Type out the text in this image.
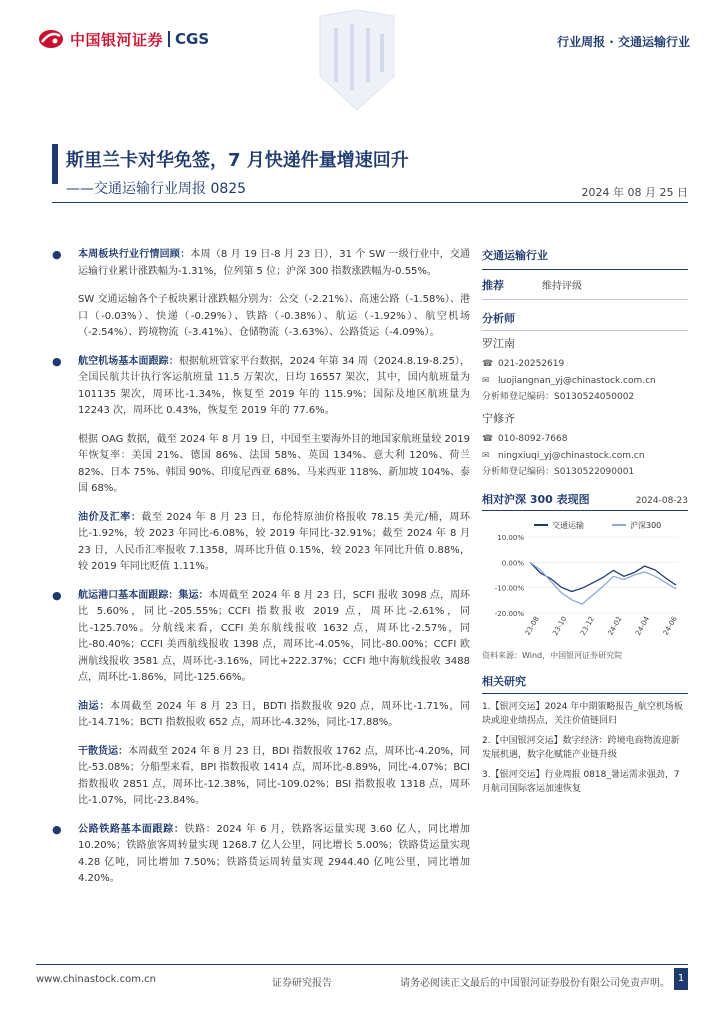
中国银河证券 CGS	行业周报 · 交通运输行业
斯里兰卡对华免签，7 月快递件量增速回升
——交通运输行业周报 0825	2024 年 08 月 25 日
● 本周板块行业行情回顾：本周（8 月 19 日-8 月 23 日），31 个 SW 一级行业中，交通运输行业累计涨跌幅为-1.31%，位列第 5 位；沪深 300 指数涨跌幅为-0.55%。
SW 交通运输各个子板块累计涨跌幅分别为：公交（-2.21%）、高速公路（-1.58%）、港口（-0.03%）、快递（-0.29%）、铁路（-0.38%）、航运（-1.92%）、航空机场（-2.54%）、跨境物流（-3.41%）、仓储物流（-3.63%）、公路货运（-4.09%）。
● 航空机场基本面跟踪：根据航班管家平台数据，2024 年第 34 周（2024.8.19-8.25），全国民航共计执行客运航班量 11.5 万架次，日均 16557 架次，其中，国内航班量为 101135 架次，周环比-1.34%，恢复至 2019 年的 115.9%；国际及地区航班量为 12243 次，周环比 0.43%，恢复至 2019 年的 77.6%。
根据 OAG 数据，截至 2024 年 8 月 19 日，中国至主要海外目的地国家航班量较 2019 年恢复率：美国 21%、德国 86%、法国 58%、英国 134%、意大利 120%、荷兰 82%、日本 75%、韩国 90%、印度尼西亚 68%、马来西亚 118%、新加坡 104%、泰国 68%。
油价及汇率：截至 2024 年 8 月 23 日，布伦特原油价格报收 78.15 美元/桶，周环比-1.92%，较 2023 年同比-6.08%，较 2019 年同比-32.91%；截至 2024 年 8 月 23 日，人民币汇率报收 7.1358，周环比升值 0.15%，较 2023 年同比升值 0.88%，较 2019 年同比贬值 1.11%。
● 航运港口基本面跟踪：集运：本周截至 2024 年 8 月 23 日，SCFI 报收 3098 点，周环比 5.60%，同比-205.55%；CCFI 指数报收 2019 点，周环比-2.61%，同比-125.70%。分航线来看，CCFI 美东航线报收 1632 点，周环比-2.57%，同比-80.40%；CCFI 美西航线报收 1398 点，周环比-4.05%，同比-80.00%；CCFI 欧洲航线报收 3581 点，周环比-3.16%，同比+222.37%；CCFI 地中海航线报收 3488 点，周环比-1.86%，同比-125.66%。
油运：本周截至 2024 年 8 月 23 日，BDTI 指数报收 920 点，周环比-1.71%，同比-14.71%；BCTI 指数报收 652 点，周环比-4.32%，同比-17.88%。
干散货运：本周截至 2024 年 8 月 23 日，BDI 指数报收 1762 点，周环比-4.20%，同比-53.08%；分船型来看，BPI 指数报收 1414 点，周环比-8.89%，同比-4.07%；BCI 指数报收 2851 点，周环比-12.38%，同比-109.02%；BSI 指数报收 1318 点，周环比-1.07%，同比-23.84%。
● 公路铁路基本面跟踪：铁路：2024 年 6 月，铁路客运量实现 3.60 亿人，同比增加 10.20%；铁路旅客周转量实现 1268.7 亿人公里，同比增长 5.00%；铁路货运量实现 4.28 亿吨，同比增加 7.50%；铁路货运周转量实现 2944.40 亿吨公里，同比增加 4.20%。
交通运输行业
推荐	维持评级
分析师
罗江南
☎ 021-20252619
✉ luojiangnan_yj@chinastock.com.cn
分析师登记编码：S0130524050002
宁修齐
☎ 010-8092-7668
✉ ningxiuqi_yj@chinastock.com.cn
分析师登记编码：S0130522090001
相对沪深 300 表现图	2024-08-23
10.00%
0.00%
-10.00%
-20.00%
23-08 23-10 23-12 24-02 24-04 24-06
交通运输	沪深300
资料来源：Wind，中国银河证券研究院
相关研究
1.【银河交运】2024 年中期策略报告_航空机场板块或迎业绩拐点，关注价值链回归
2.【中国银河交运】数字经济：跨境电商物流迎新发展机遇，数字化赋能产业链升级
3.【银河交运】行业周报 0818_暑运需求强劲，7 月航司国际客运加速恢复
www.chinastock.com.cn	证券研究报告	请务必阅读正文最后的中国银河证券股份有限公司免责声明。 1
